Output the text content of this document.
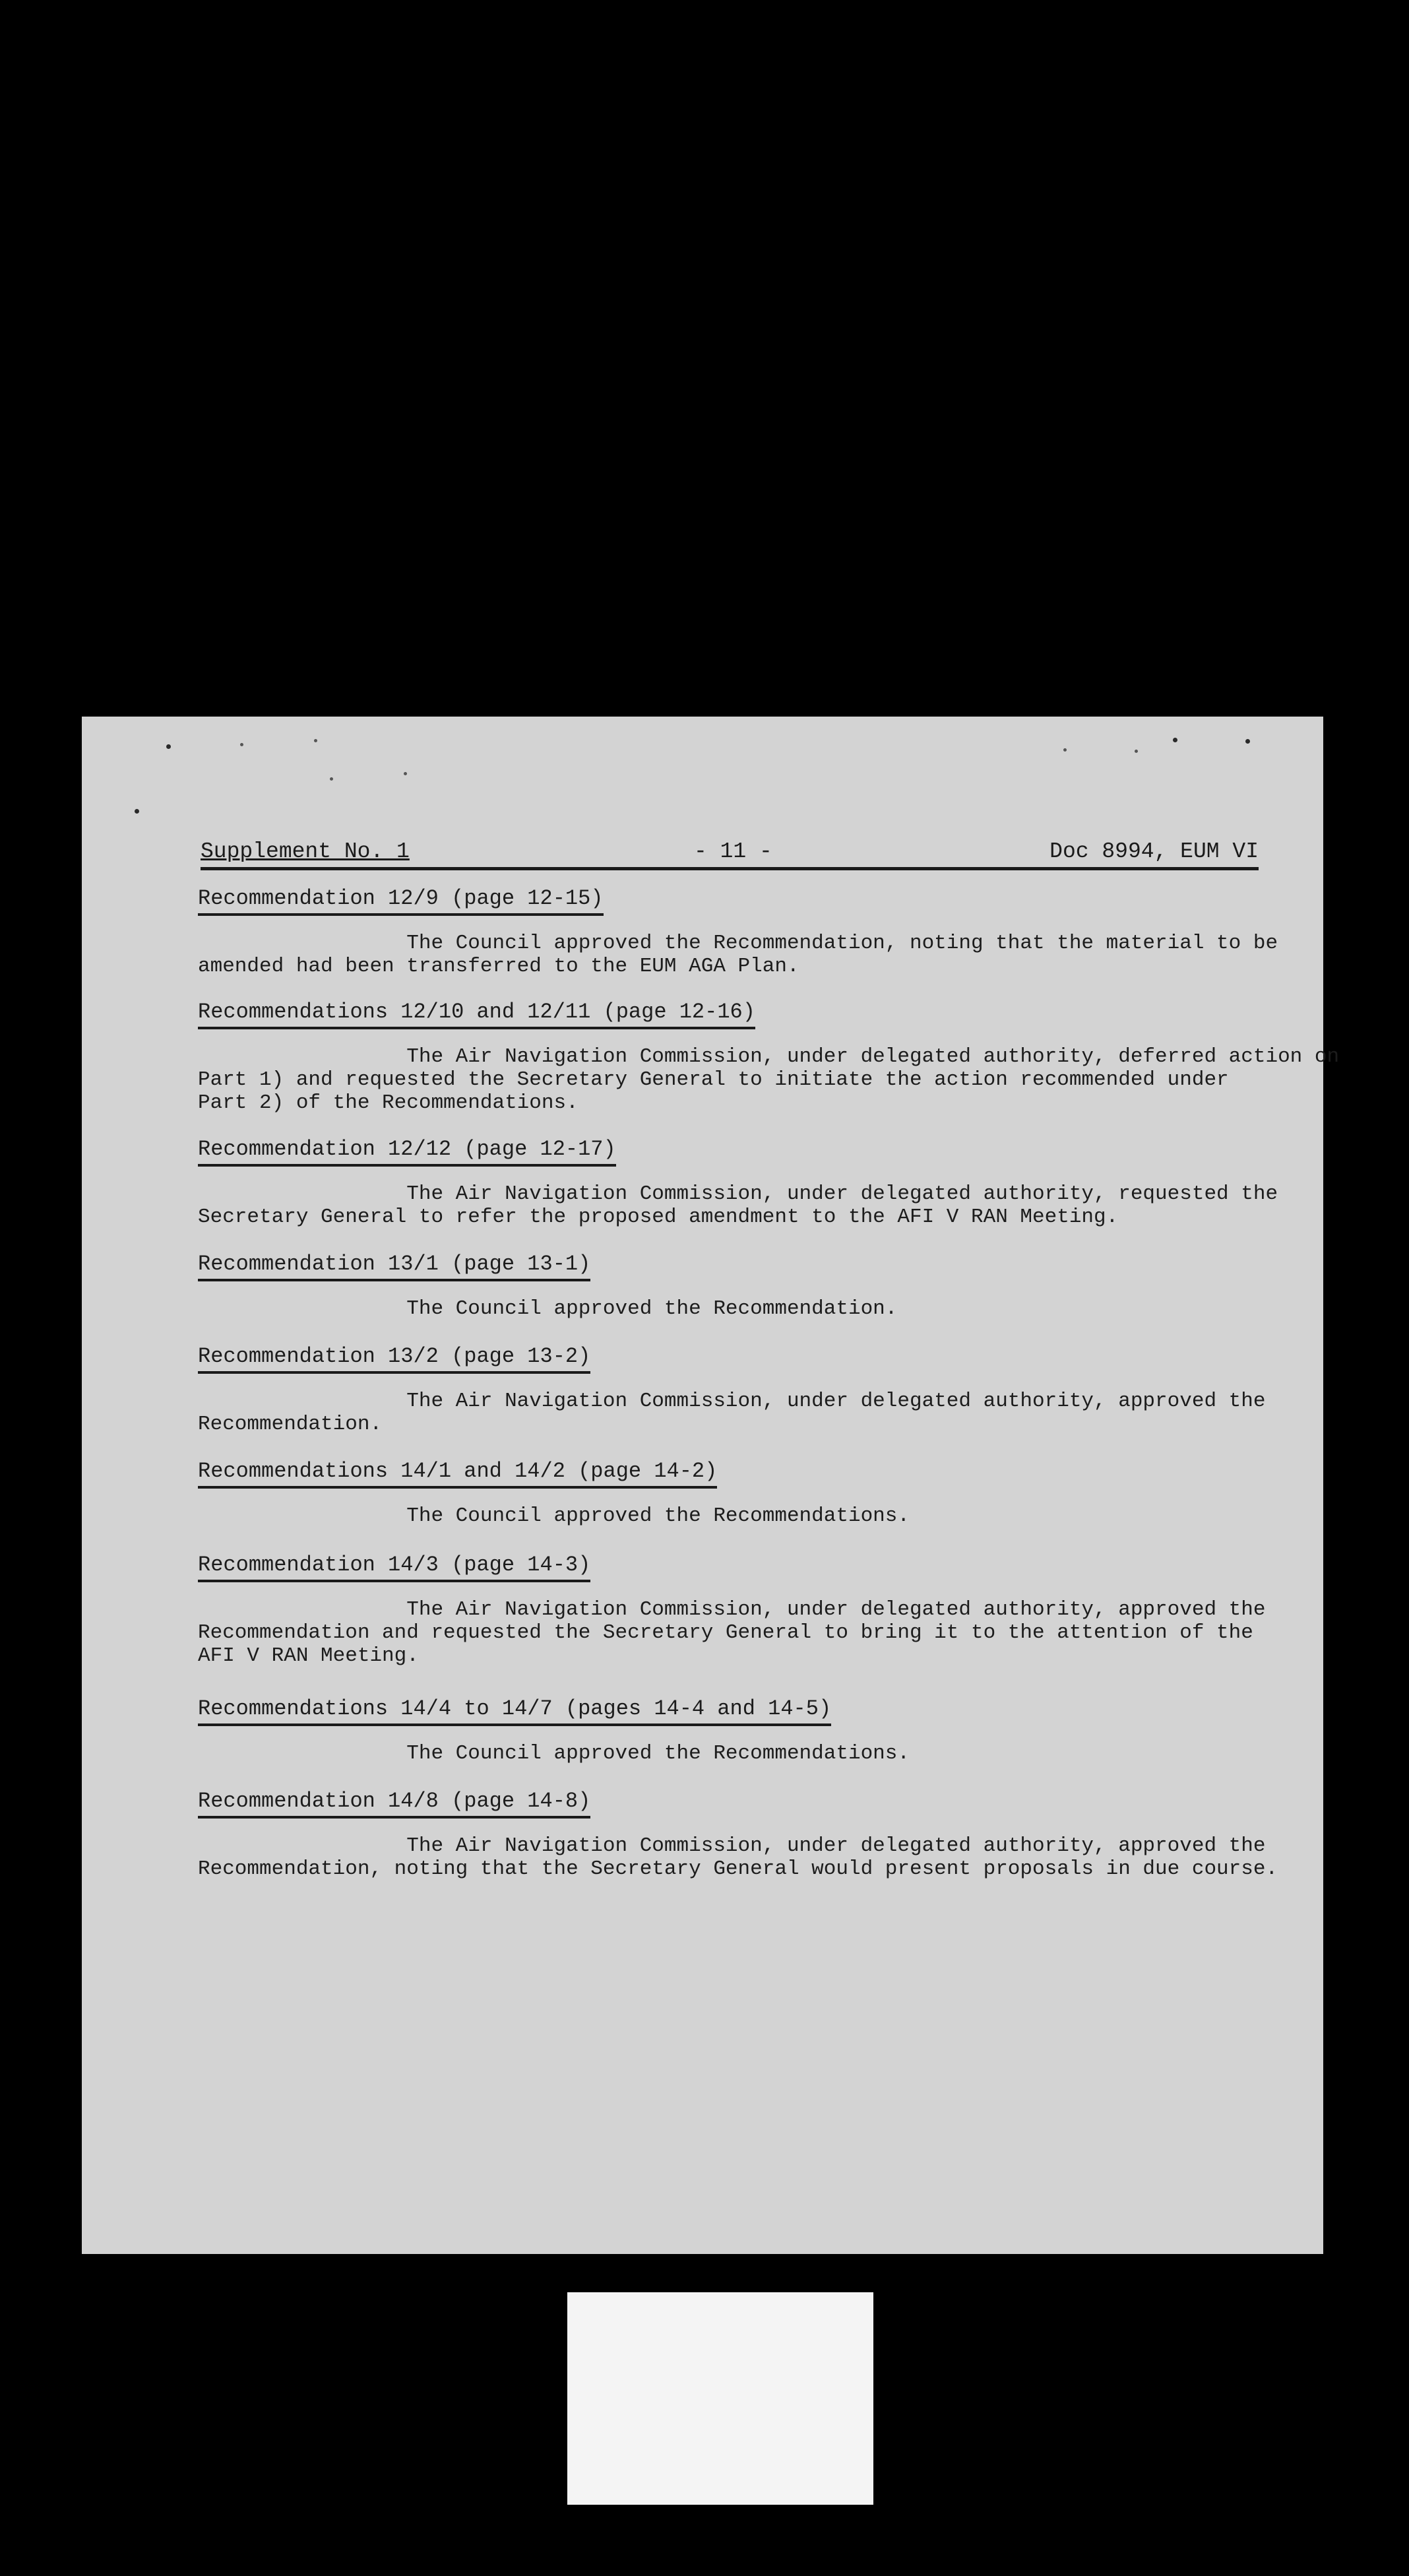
Supplement No. 1	- 11 -	Doc 8994, EUM VI
Recommendation 12/9 (page 12-15)
The Council approved the Recommendation, noting that the material to be
amended had been transferred to the EUM AGA Plan.
Recommendations 12/10 and 12/11 (page 12-16)
The Air Navigation Commission, under delegated authority, deferred action on
Part 1) and requested the Secretary General to initiate the action recommended under
Part 2) of the Recommendations.
Recommendation 12/12 (page 12-17)
The Air Navigation Commission, under delegated authority, requested the
Secretary General to refer the proposed amendment to the AFI V RAN Meeting.
Recommendation 13/1 (page 13-1)
The Council approved the Recommendation.
Recommendation 13/2 (page 13-2)
The Air Navigation Commission, under delegated authority, approved the
Recommendation.
Recommendations 14/1 and 14/2 (page 14-2)
The Council approved the Recommendations.
Recommendation 14/3 (page 14-3)
The Air Navigation Commission, under delegated authority, approved the
Recommendation and requested the Secretary General to bring it to the attention of the
AFI V RAN Meeting.
Recommendations 14/4 to 14/7 (pages 14-4 and 14-5)
The Council approved the Recommendations.
Recommendation 14/8 (page 14-8)
The Air Navigation Commission, under delegated authority, approved the
Recommendation, noting that the Secretary General would present proposals in due course.
